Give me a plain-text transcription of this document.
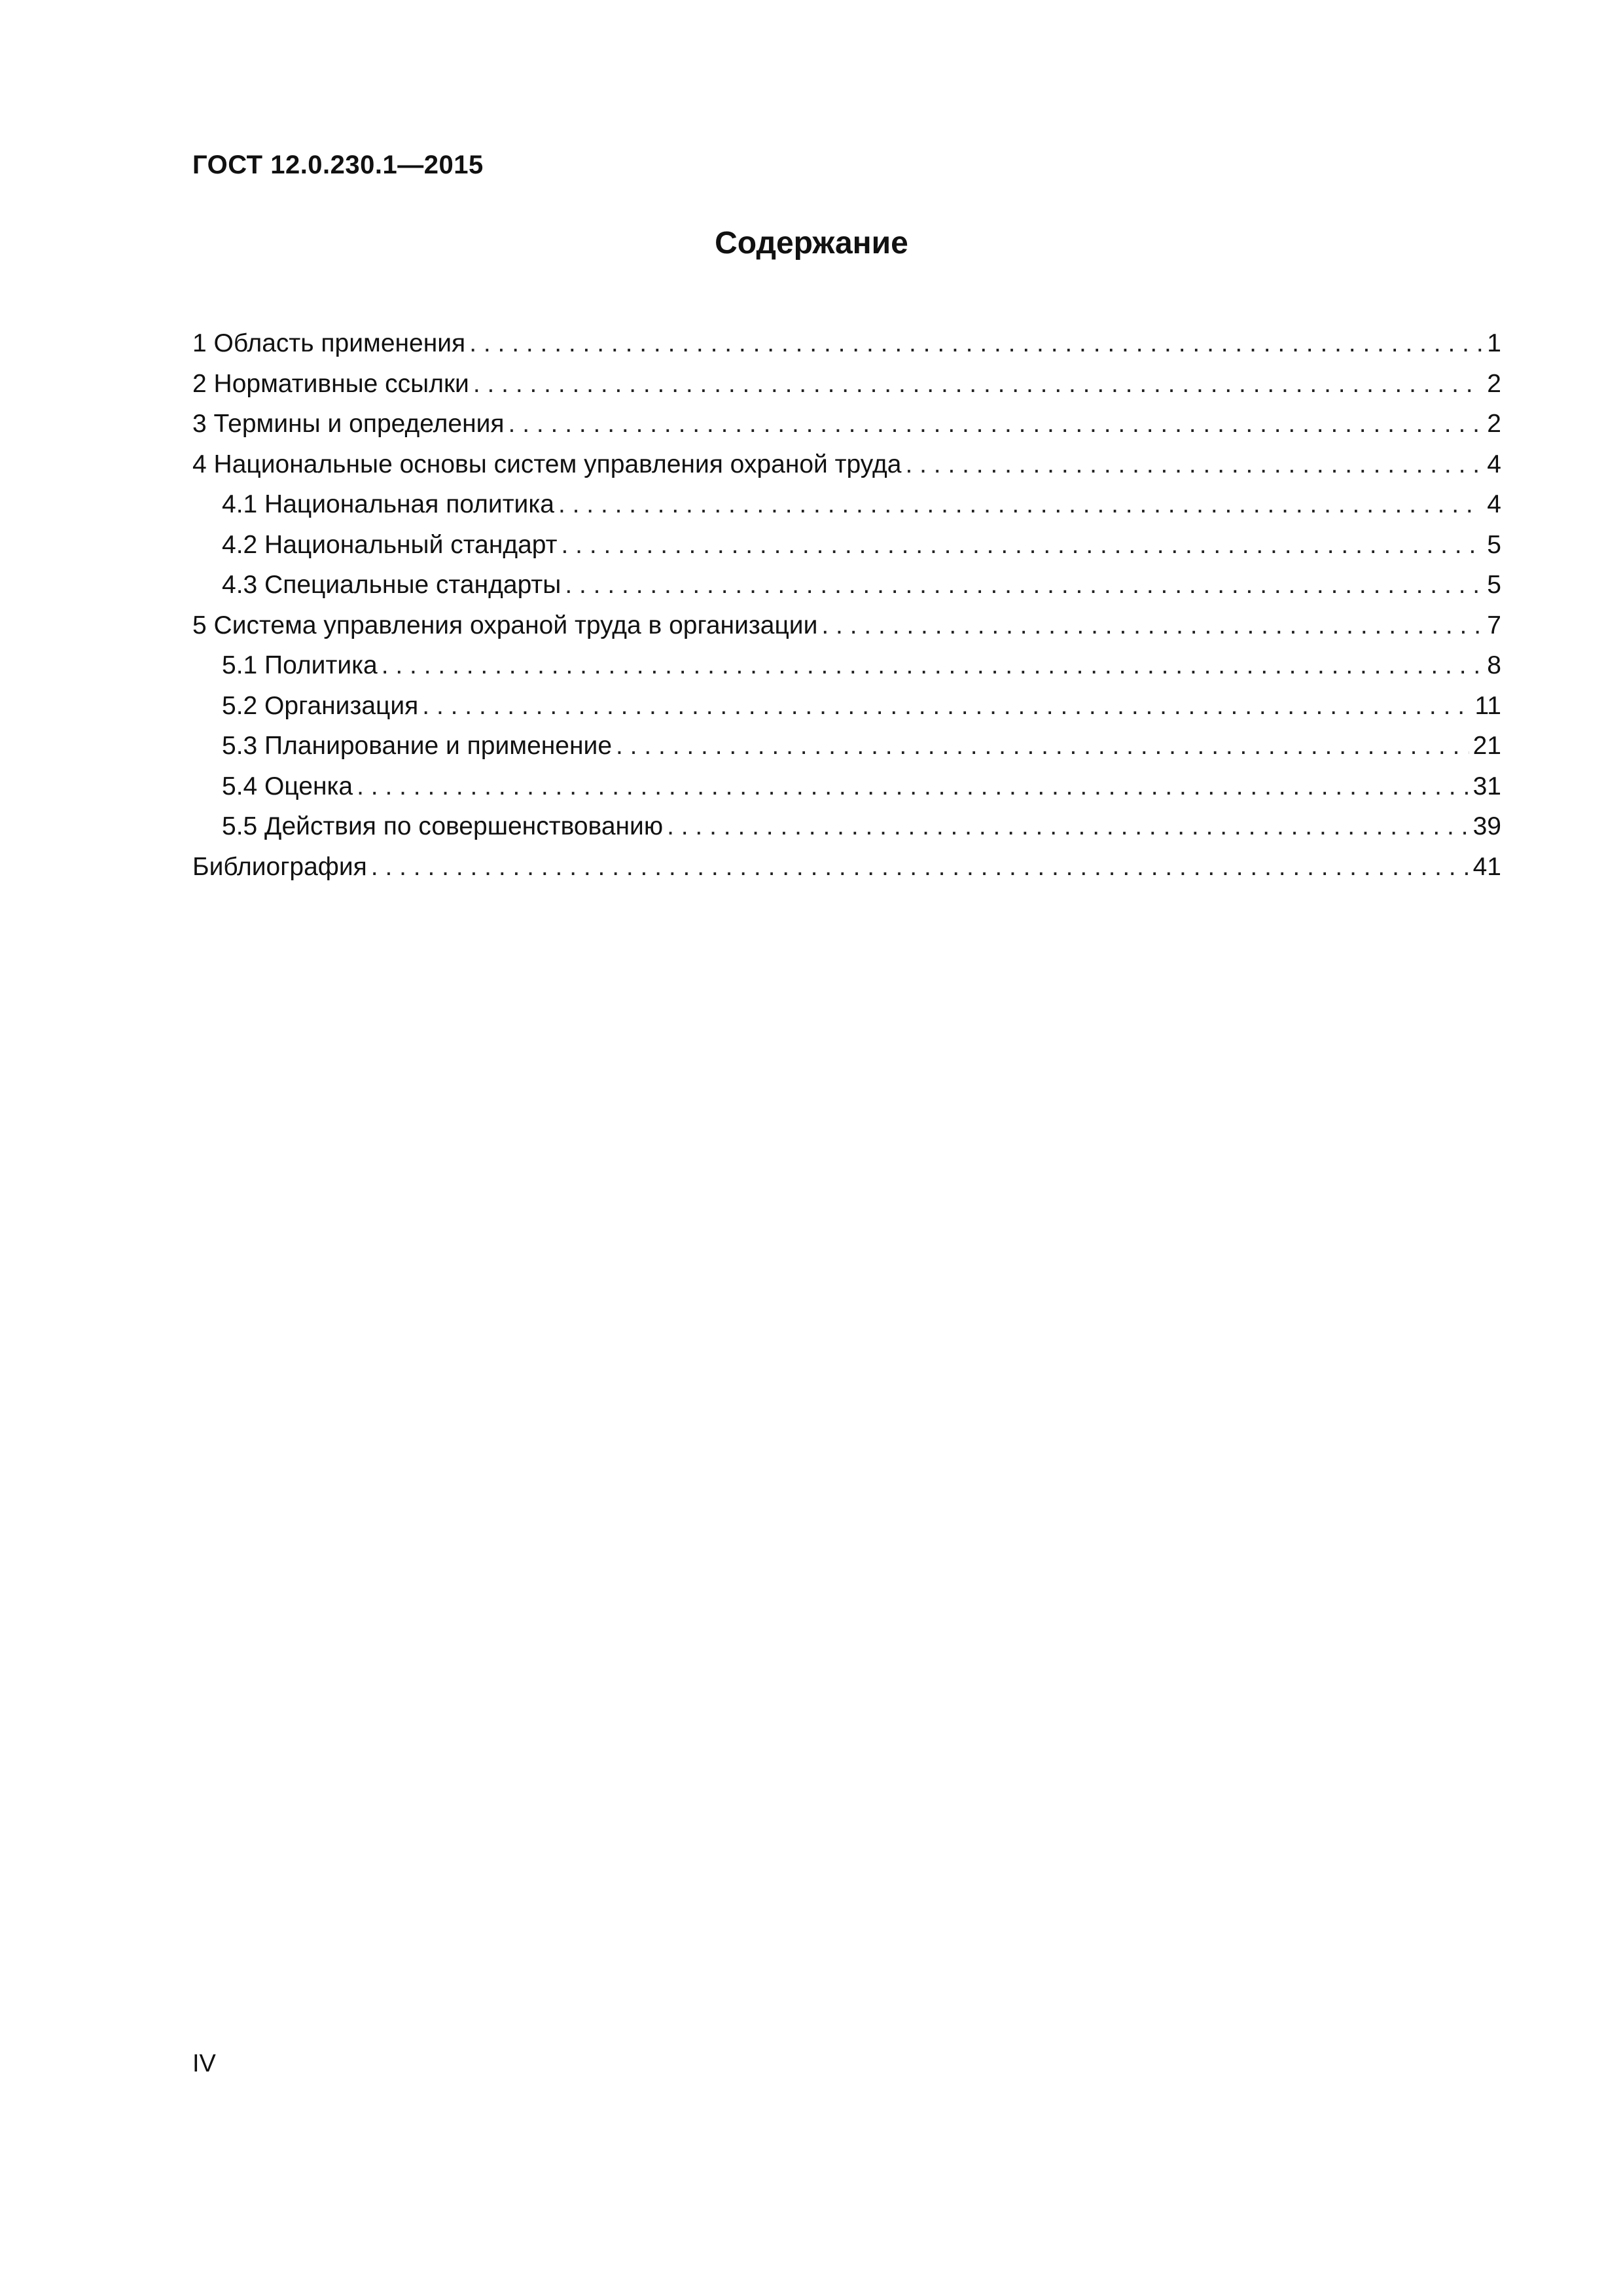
ГОСТ 12.0.230.1—2015
Содержание
1 Область применения . . .	1
2 Нормативные ссылки . . .	2
3 Термины и определения . . .	2
4 Национальные основы систем управления охраной труда . . .	4
4.1 Национальная политика . . .	4
4.2 Национальный стандарт . . .	5
4.3 Специальные стандарты . . .	5
5 Система управления охраной труда в организации . . .	7
5.1 Политика . . .	8
5.2 Организация . . .	11
5.3 Планирование и применение . . .	21
5.4 Оценка . . .	31
5.5 Действия по совершенствованию . . .	39
Библиография . . .	41
IV
